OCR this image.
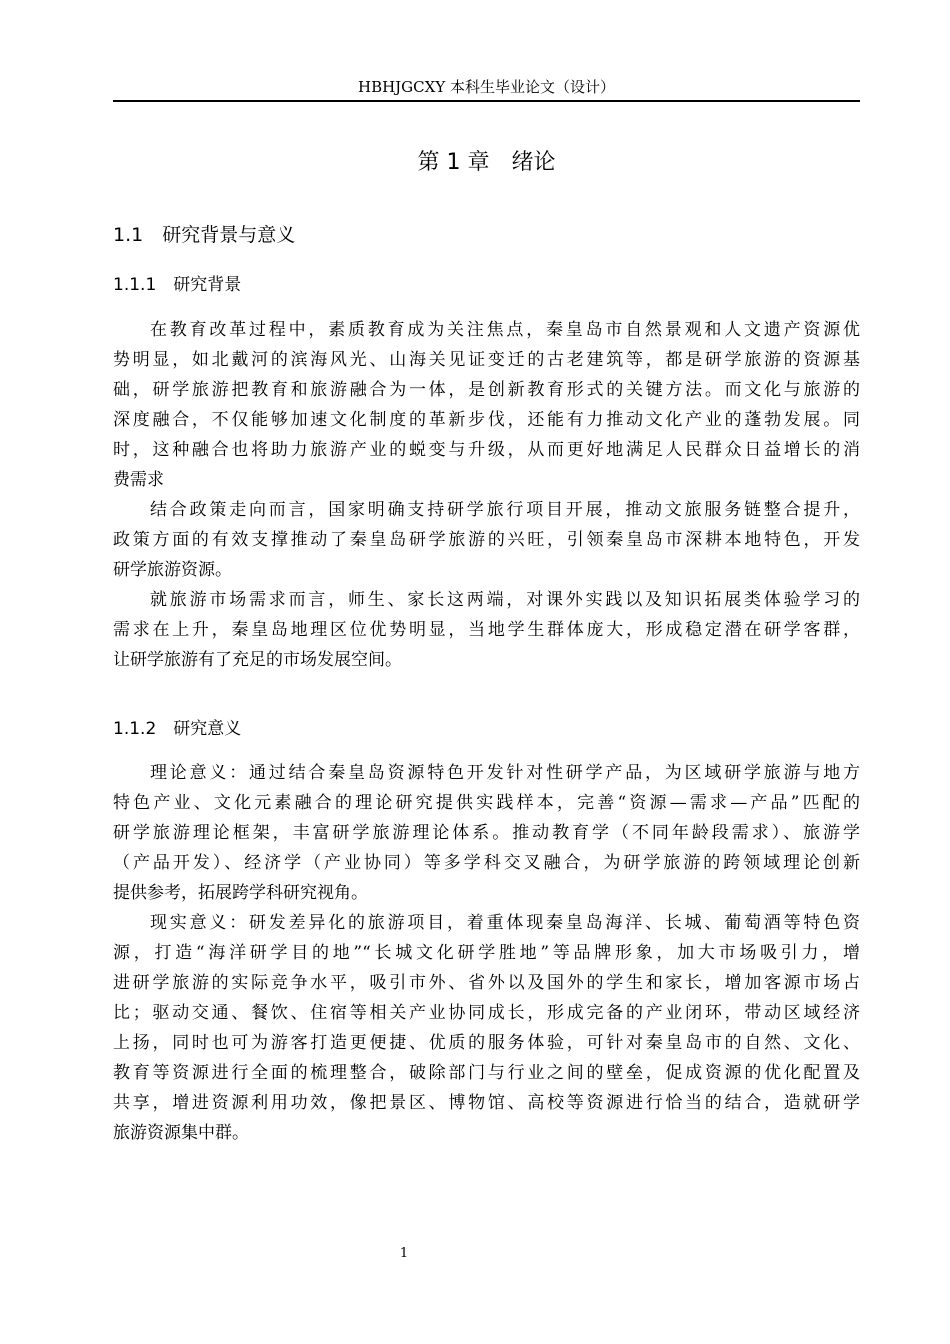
HBHJGCXY 本科生毕业论文（设计）
第 1 章　绪论
1.1　研究背景与意义
1.1.1　研究背景
在教育改革过程中，素质教育成为关注焦点，秦皇岛市自然景观和人文遗产资源优
势明显，如北戴河的滨海风光、山海关见证变迁的古老建筑等，都是研学旅游的资源基
础，研学旅游把教育和旅游融合为一体，是创新教育形式的关键方法。而文化与旅游的
深度融合，不仅能够加速文化制度的革新步伐，还能有力推动文化产业的蓬勃发展。同
时，这种融合也将助力旅游产业的蜕变与升级，从而更好地满足人民群众日益增长的消
费需求
结合政策走向而言，国家明确支持研学旅行项目开展，推动文旅服务链整合提升，
政策方面的有效支撑推动了秦皇岛研学旅游的兴旺，引领秦皇岛市深耕本地特色，开发
研学旅游资源。
就旅游市场需求而言，师生、家长这两端，对课外实践以及知识拓展类体验学习的
需求在上升，秦皇岛地理区位优势明显，当地学生群体庞大，形成稳定潜在研学客群，
让研学旅游有了充足的市场发展空间。
1.1.2　研究意义
理论意义：通过结合秦皇岛资源特色开发针对性研学产品，为区域研学旅游与地方
特色产业、文化元素融合的理论研究提供实践样本，完善“资源—需求—产品”匹配的
研学旅游理论框架，丰富研学旅游理论体系。推动教育学（不同年龄段需求）、旅游学
（产品开发）、经济学（产业协同）等多学科交叉融合，为研学旅游的跨领域理论创新
提供参考，拓展跨学科研究视角。
现实意义：研发差异化的旅游项目，着重体现秦皇岛海洋、长城、葡萄酒等特色资
源，打造“海洋研学目的地”“长城文化研学胜地”等品牌形象，加大市场吸引力，增
进研学旅游的实际竞争水平，吸引市外、省外以及国外的学生和家长，增加客源市场占
比；驱动交通、餐饮、住宿等相关产业协同成长，形成完备的产业闭环，带动区域经济
上扬，同时也可为游客打造更便捷、优质的服务体验，可针对秦皇岛市的自然、文化、
教育等资源进行全面的梳理整合，破除部门与行业之间的壁垒，促成资源的优化配置及
共享，增进资源利用功效，像把景区、博物馆、高校等资源进行恰当的结合，造就研学
旅游资源集中群。
1
